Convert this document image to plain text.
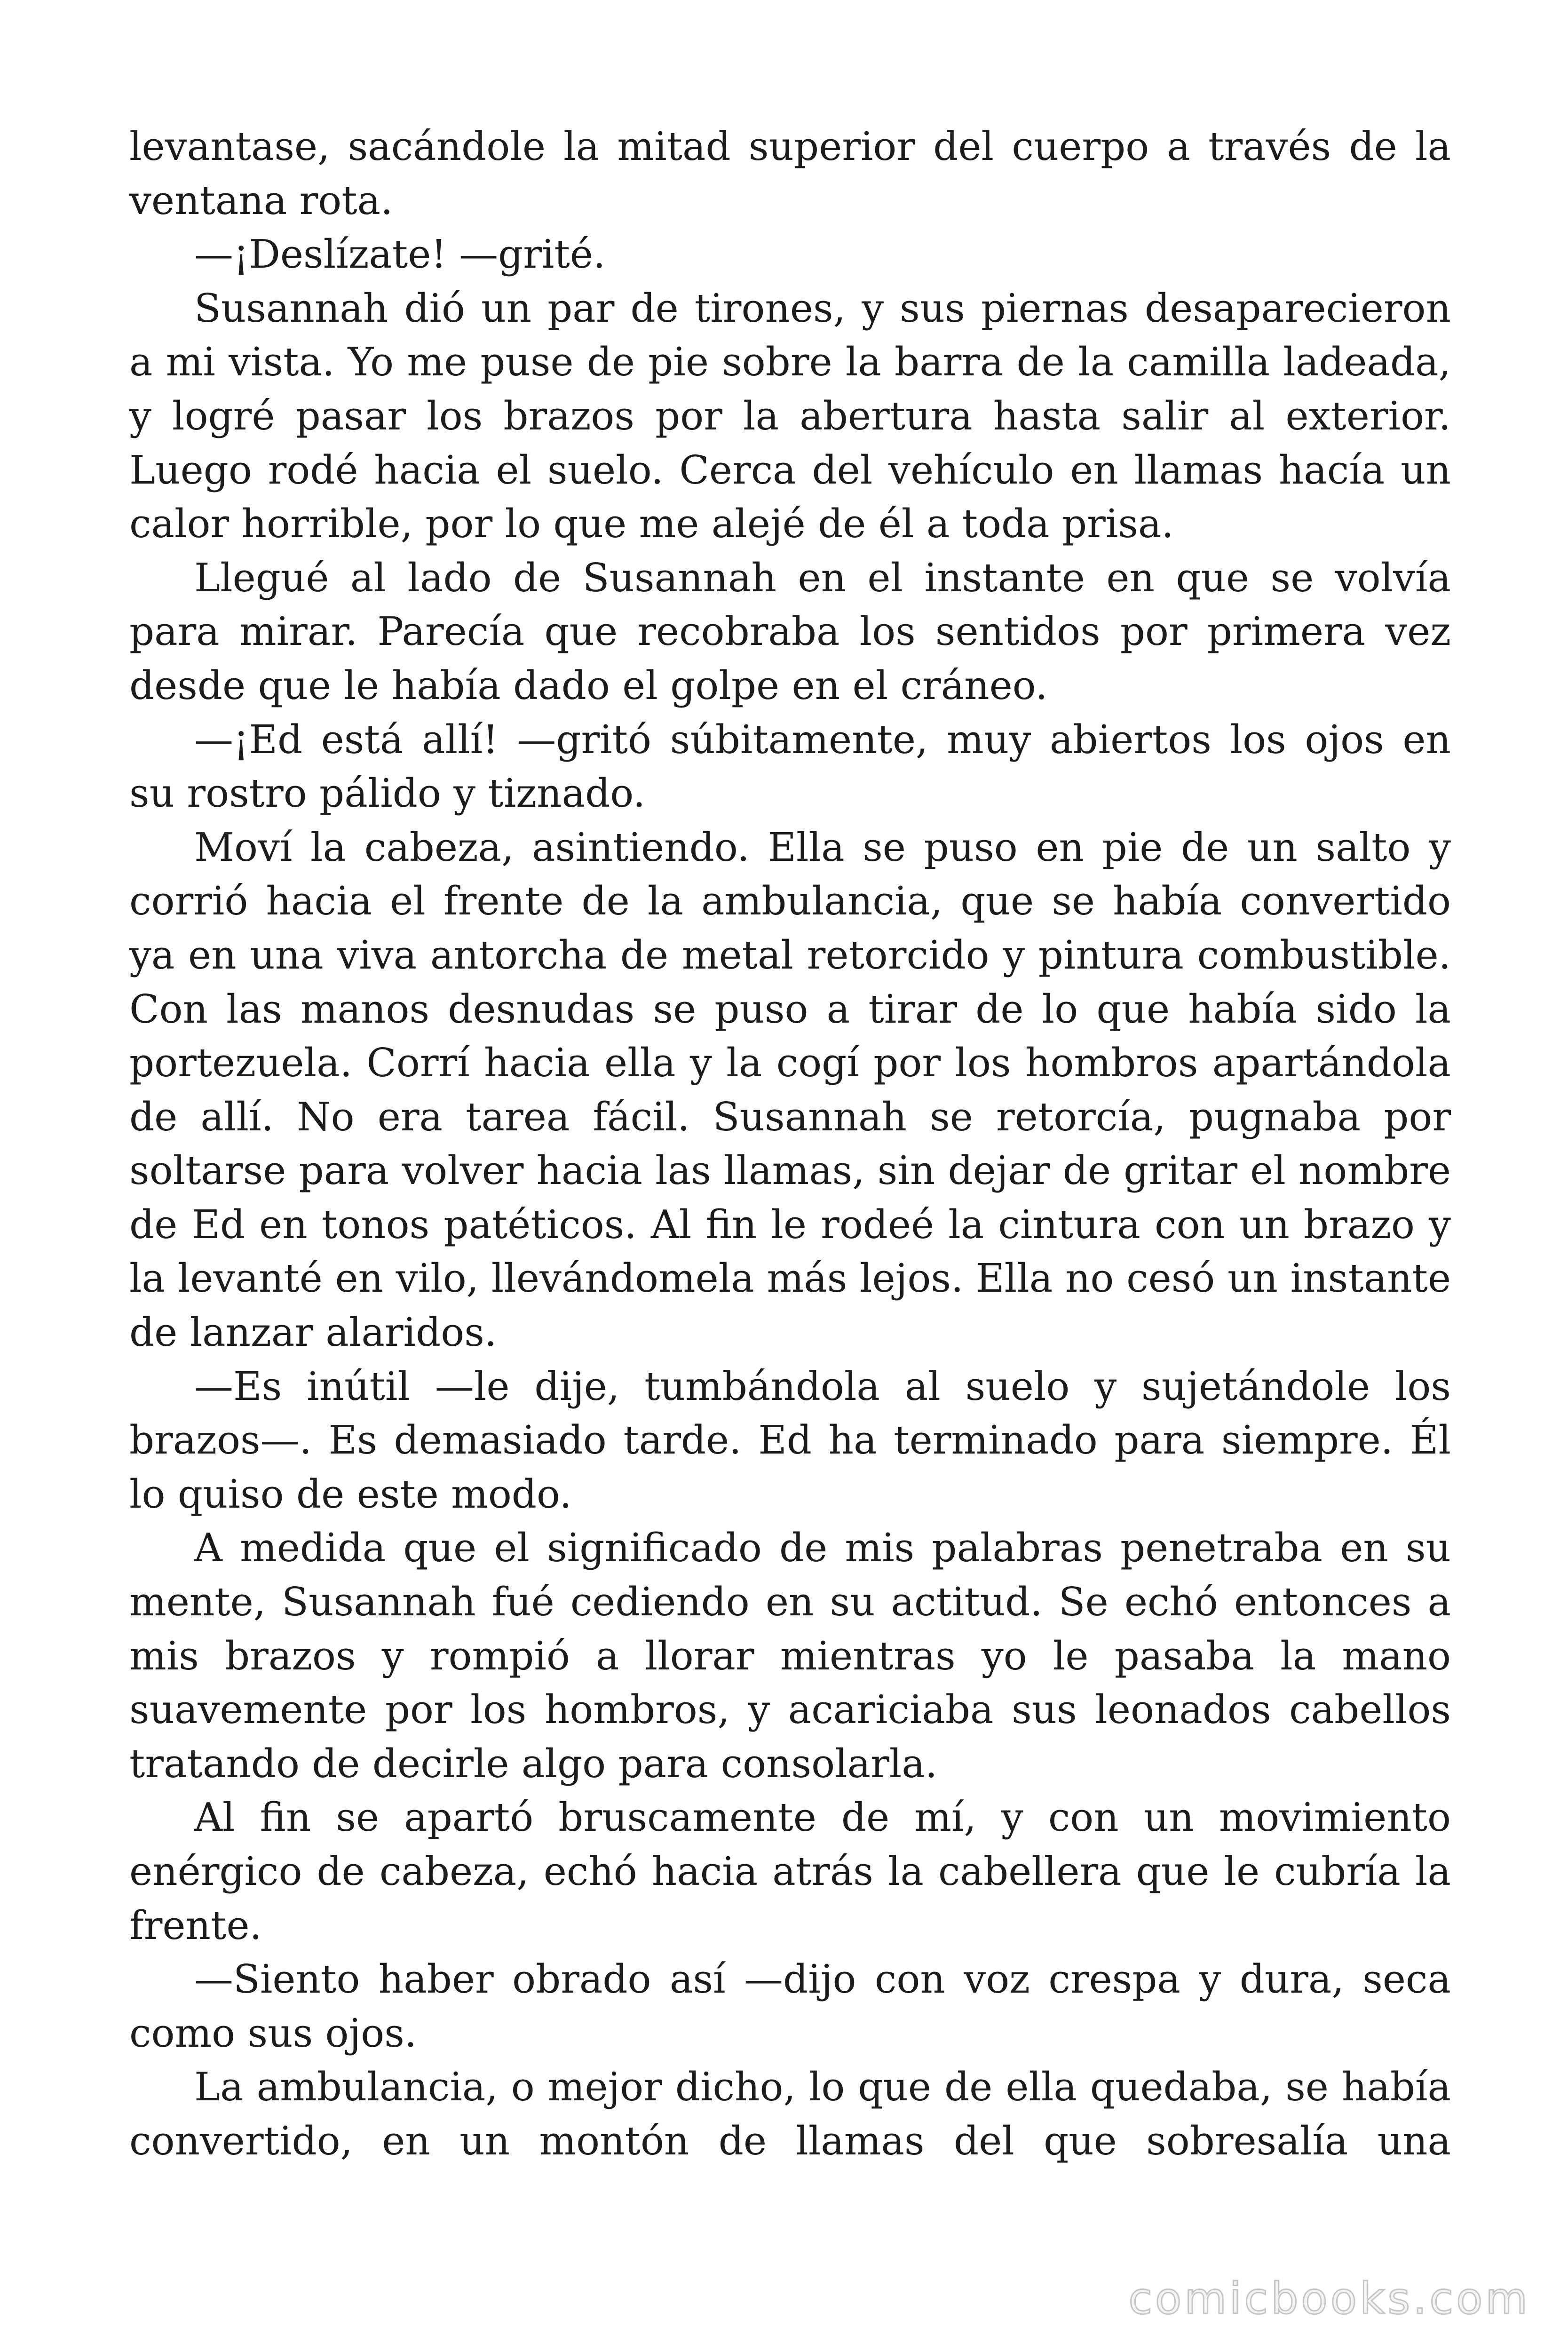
levantase, sacándole la mitad superior del cuerpo a través de la ventana rota.

—¡Deslízate! —grité.

Susannah dió un par de tirones, y sus piernas desaparecieron a mi vista. Yo me puse de pie sobre la barra de la camilla ladeada, y logré pasar los brazos por la abertura hasta salir al exterior. Luego rodé hacia el suelo. Cerca del vehículo en llamas hacía un calor horrible, por lo que me alejé de él a toda prisa.

Llegué al lado de Susannah en el instante en que se volvía para mirar. Parecía que recobraba los sentidos por primera vez desde que le había dado el golpe en el cráneo.

—¡Ed está allí! —gritó súbitamente, muy abiertos los ojos en su rostro pálido y tiznado.

Moví la cabeza, asintiendo. Ella se puso en pie de un salto y corrió hacia el frente de la ambulancia, que se había convertido ya en una viva antorcha de metal retorcido y pintura combustible. Con las manos desnudas se puso a tirar de lo que había sido la portezuela. Corrí hacia ella y la cogí por los hombros apartándola de allí. No era tarea fácil. Susannah se retorcía, pugnaba por soltarse para volver hacia las llamas, sin dejar de gritar el nombre de Ed en tonos patéticos. Al fin le rodeé la cintura con un brazo y la levanté en vilo, llevándomela más lejos. Ella no cesó un instante de lanzar alaridos.

—Es inútil —le dije, tumbándola al suelo y sujetándole los brazos—. Es demasiado tarde. Ed ha terminado para siempre. Él lo quiso de este modo.

A medida que el significado de mis palabras penetraba en su mente, Susannah fué cediendo en su actitud. Se echó entonces a mis brazos y rompió a llorar mientras yo le pasaba la mano suavemente por los hombros, y acariciaba sus leonados cabellos tratando de decirle algo para consolarla.

Al fin se apartó bruscamente de mí, y con un movimiento enérgico de cabeza, echó hacia atrás la cabellera que le cubría la frente.

—Siento haber obrado así —dijo con voz crespa y dura, seca como sus ojos.

La ambulancia, o mejor dicho, lo que de ella quedaba, se había convertido, en un montón de llamas del que sobresalía una

comicbooks.com
